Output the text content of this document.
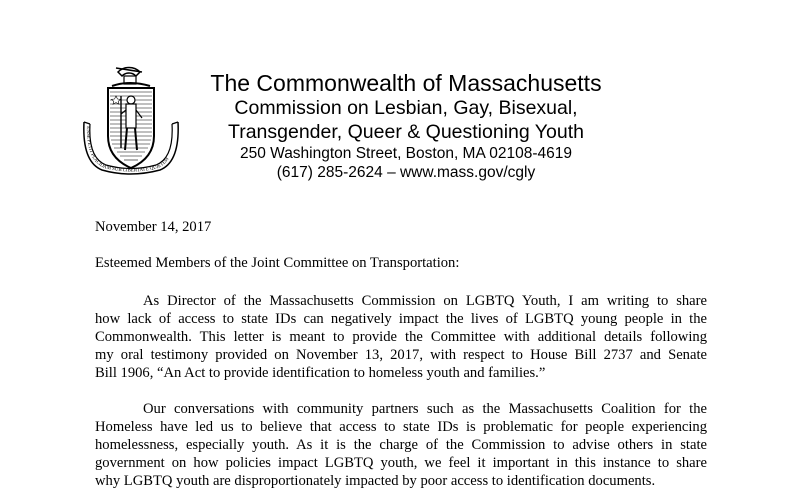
ENSE PETIT PLACIDAM SUB LIBERTATE QUIETEM
The Commonwealth of Massachusetts
Commission on Lesbian, Gay, Bisexual,
Transgender, Queer & Questioning Youth
250 Washington Street, Boston, MA 02108-4619
(617) 285-2624 – www.mass.gov/cgly
November 14, 2017
Esteemed Members of the Joint Committee on Transportation:
As Director of the Massachusetts Commission on LGBTQ Youth, I am writing to share
how lack of access to state IDs can negatively impact the lives of LGBTQ young people in the
Commonwealth. This letter is meant to provide the Committee with additional details following
my oral testimony provided on November 13, 2017, with respect to House Bill 2737 and Senate
Bill 1906, “An Act to provide identification to homeless youth and families.”
Our conversations with community partners such as the Massachusetts Coalition for the
Homeless have led us to believe that access to state IDs is problematic for people experiencing
homelessness, especially youth. As it is the charge of the Commission to advise others in state
government on how policies impact LGBTQ youth, we feel it important in this instance to share
why LGBTQ youth are disproportionately impacted by poor access to identification documents.
